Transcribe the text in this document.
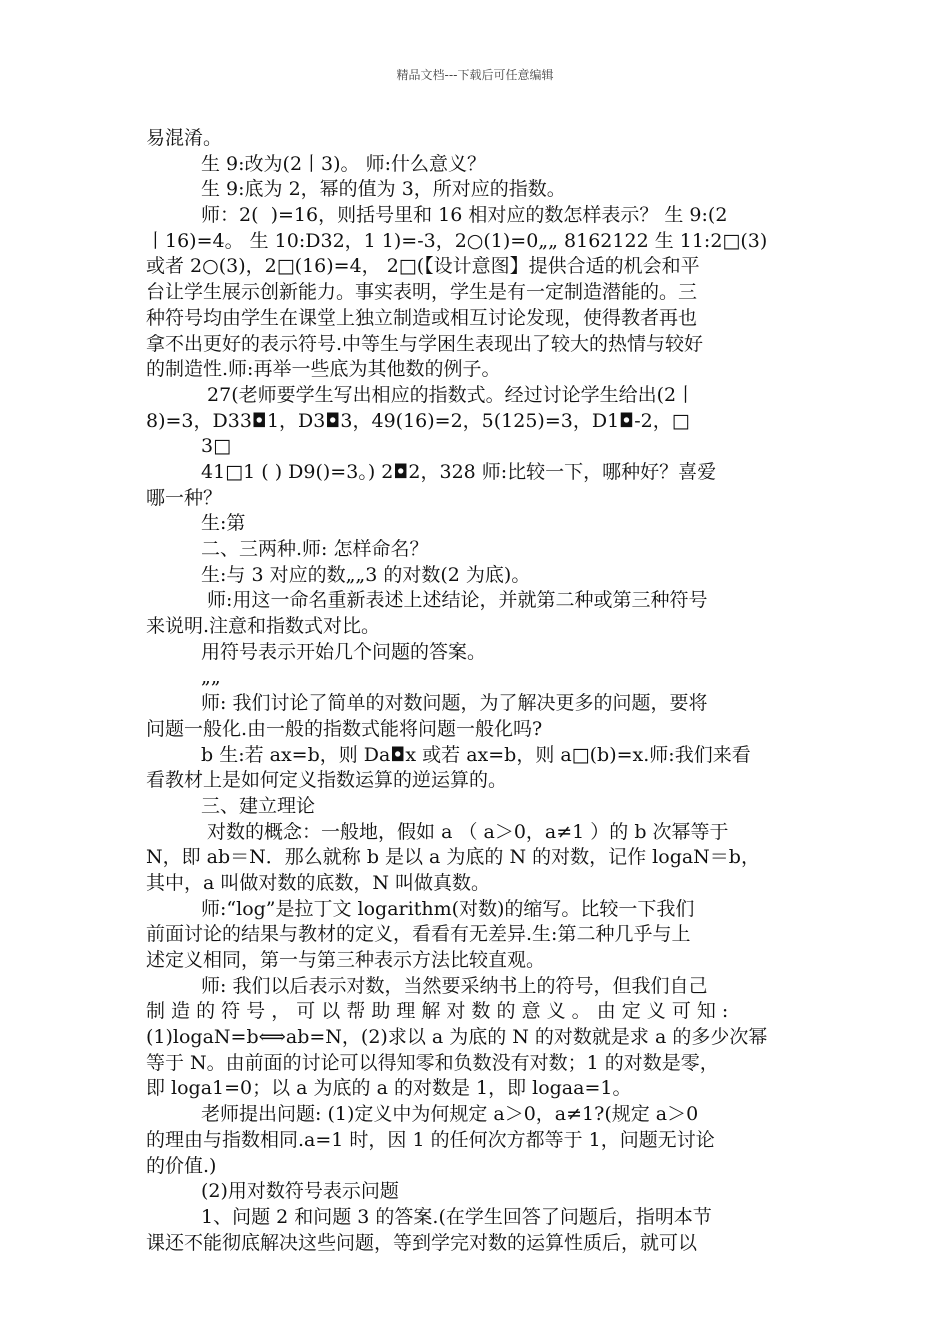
精品文档---下载后可任意编辑
易混淆。
生 9:改为(2丨3)。 师:什么意义？
生 9:底为 2，幂的值为 3，所对应的指数。
师：2(  )=16，则括号里和 16 相对应的数怎样表示？ 生 9:(2
丨16)=4。 生 10:D32，1 1)=-3，2○(1)=0„„ 8162122 生 11:2□(3)
或者 2○(3)，2□(16)=4， 2□(【设计意图】提供合适的机会和平
台让学生展示创新能力。事实表明，学生是有一定制造潜能的。三
种符号均由学生在课堂上独立制造或相互讨论发现，使得教者再也
拿不出更好的表示符号.中等生与学困生表现出了较大的热情与较好
的制造性.师:再举一些底为其他数的例子。
27(老师要学生写出相应的指数式。经过讨论学生给出(2丨
8)=3，D33◘1，D3◘3，49(16)=2，5(125)=3，D1◘-2，□
3□
41□1 ( ) D9()=3。) 2◘2，328 师:比较一下，哪种好？喜爱
哪一种？
生:第
二、三两种.师: 怎样命名？
生:与 3 对应的数„„3 的对数(2 为底)。
师:用这一命名重新表述上述结论，并就第二种或第三种符号
来说明.注意和指数式对比。
用符号表示开始几个问题的答案。
„„
师: 我们讨论了简单的对数问题，为了解决更多的问题，要将
问题一般化.由一般的指数式能将问题一般化吗?
b 生:若 ax=b，则 Da◘x 或若 ax=b，则 a□(b)=x.师:我们来看
看教材上是如何定义指数运算的逆运算的。
三、建立理论
对数的概念：一般地，假如 a （ a＞0，a≠1 ）的 b 次幂等于
N，即 ab＝N．那么就称 b 是以 a 为底的 N 的对数，记作 logaN＝b，
其中，a 叫做对数的底数，N 叫做真数。
师:“log”是拉丁文 logarithm(对数)的缩写。比较一下我们
前面讨论的结果与教材的定义，看看有无差异.生:第二种几乎与上
述定义相同，第一与第三种表示方法比较直观。
师: 我们以后表示对数，当然要采纳书上的符号，但我们自己
制 造 的 符 号 ， 可 以 帮 助 理 解 对 数 的 意 义 。 由 定 义 可 知 :
(1)logaN=b⟺ab=N，(2)求以 a 为底的 N 的对数就是求 a 的多少次幂
等于 N。由前面的讨论可以得知零和负数没有对数；1 的对数是零，
即 loga1=0；以 a 为底的 a 的对数是 1，即 logaa=1。
老师提出问题: (1)定义中为何规定 a＞0，a≠1?(规定 a＞0
的理由与指数相同.a=1 时，因 1 的任何次方都等于 1，问题无讨论
的价值.)
(2)用对数符号表示问题
1、问题 2 和问题 3 的答案.(在学生回答了问题后，指明本节
课还不能彻底解决这些问题，等到学完对数的运算性质后，就可以
